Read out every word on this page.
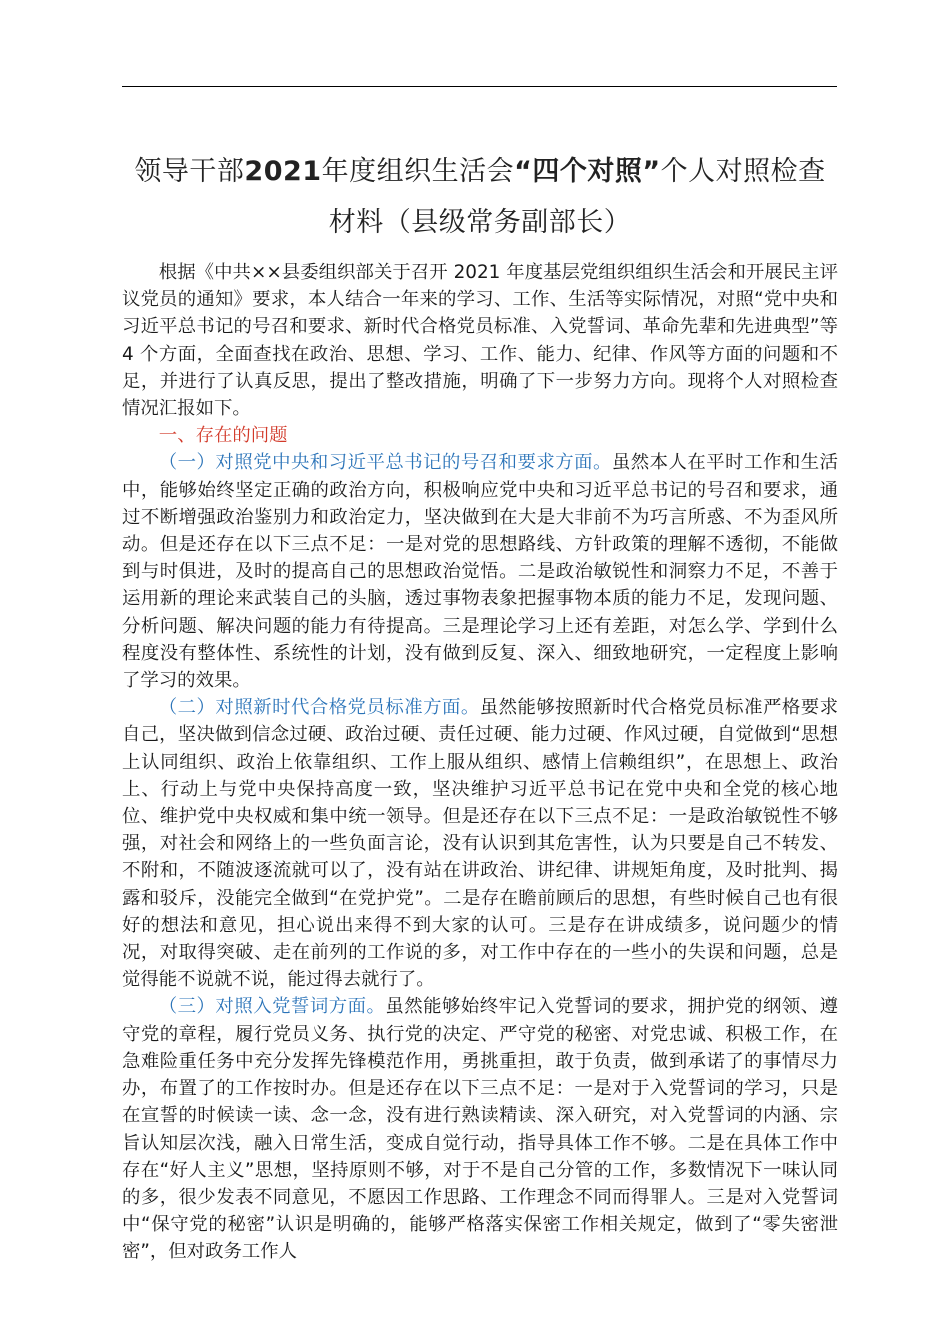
领导干部2021年度组织生活会“四个对照”个人对照检查

材料（县级常务副部长）

根据《中共××县委组织部关于召开 2021 年度基层党组织组织生活会和开展民主评议党员的通知》要求，本人结合一年来的学习、工作、生活等实际情况，对照“党中央和习近平总书记的号召和要求、新时代合格党员标准、入党誓词、革命先辈和先进典型”等 4 个方面，全面查找在政治、思想、学习、工作、能力、纪律、作风等方面的问题和不足，并进行了认真反思，提出了整改措施，明确了下一步努力方向。现将个人对照检查情况汇报如下。

一、存在的问题

（一）对照党中央和习近平总书记的号召和要求方面。虽然本人在平时工作和生活中，能够始终坚定正确的政治方向，积极响应党中央和习近平总书记的号召和要求，通过不断增强政治鉴别力和政治定力，坚决做到在大是大非前不为巧言所惑、不为歪风所动。但是还存在以下三点不足：一是对党的思想路线、方针政策的理解不透彻，不能做到与时俱进，及时的提高自己的思想政治觉悟。二是政治敏锐性和洞察力不足，不善于运用新的理论来武装自己的头脑，透过事物表象把握事物本质的能力不足，发现问题、分析问题、解决问题的能力有待提高。三是理论学习上还有差距，对怎么学、学到什么程度没有整体性、系统性的计划，没有做到反复、深入、细致地研究，一定程度上影响了学习的效果。

（二）对照新时代合格党员标准方面。虽然能够按照新时代合格党员标准严格要求自己，坚决做到信念过硬、政治过硬、责任过硬、能力过硬、作风过硬，自觉做到“思想上认同组织、政治上依靠组织、工作上服从组织、感情上信赖组织”，在思想上、政治上、行动上与党中央保持高度一致，坚决维护习近平总书记在党中央和全党的核心地位、维护党中央权威和集中统一领导。但是还存在以下三点不足：一是政治敏锐性不够强，对社会和网络上的一些负面言论，没有认识到其危害性，认为只要是自己不转发、不附和，不随波逐流就可以了，没有站在讲政治、讲纪律、讲规矩角度，及时批判、揭露和驳斥，没能完全做到“在党护党”。二是存在瞻前顾后的思想，有些时候自己也有很好的想法和意见，担心说出来得不到大家的认可。三是存在讲成绩多，说问题少的情况，对取得突破、走在前列的工作说的多，对工作中存在的一些小的失误和问题，总是觉得能不说就不说，能过得去就行了。

（三）对照入党誓词方面。虽然能够始终牢记入党誓词的要求，拥护党的纲领、遵守党的章程，履行党员义务、执行党的决定、严守党的秘密、对党忠诚、积极工作，在急难险重任务中充分发挥先锋模范作用，勇挑重担，敢于负责，做到承诺了的事情尽力办，布置了的工作按时办。但是还存在以下三点不足：一是对于入党誓词的学习，只是在宣誓的时候读一读、念一念，没有进行熟读精读、深入研究，对入党誓词的内涵、宗旨认知层次浅，融入日常生活，变成自觉行动，指导具体工作不够。二是在具体工作中存在“好人主义”思想，坚持原则不够，对于不是自己分管的工作，多数情况下一味认同的多，很少发表不同意见，不愿因工作思路、工作理念不同而得罪人。三是对入党誓词中“保守党的秘密”认识是明确的，能够严格落实保密工作相关规定，做到了“零失密泄密”，但对政务工作人
